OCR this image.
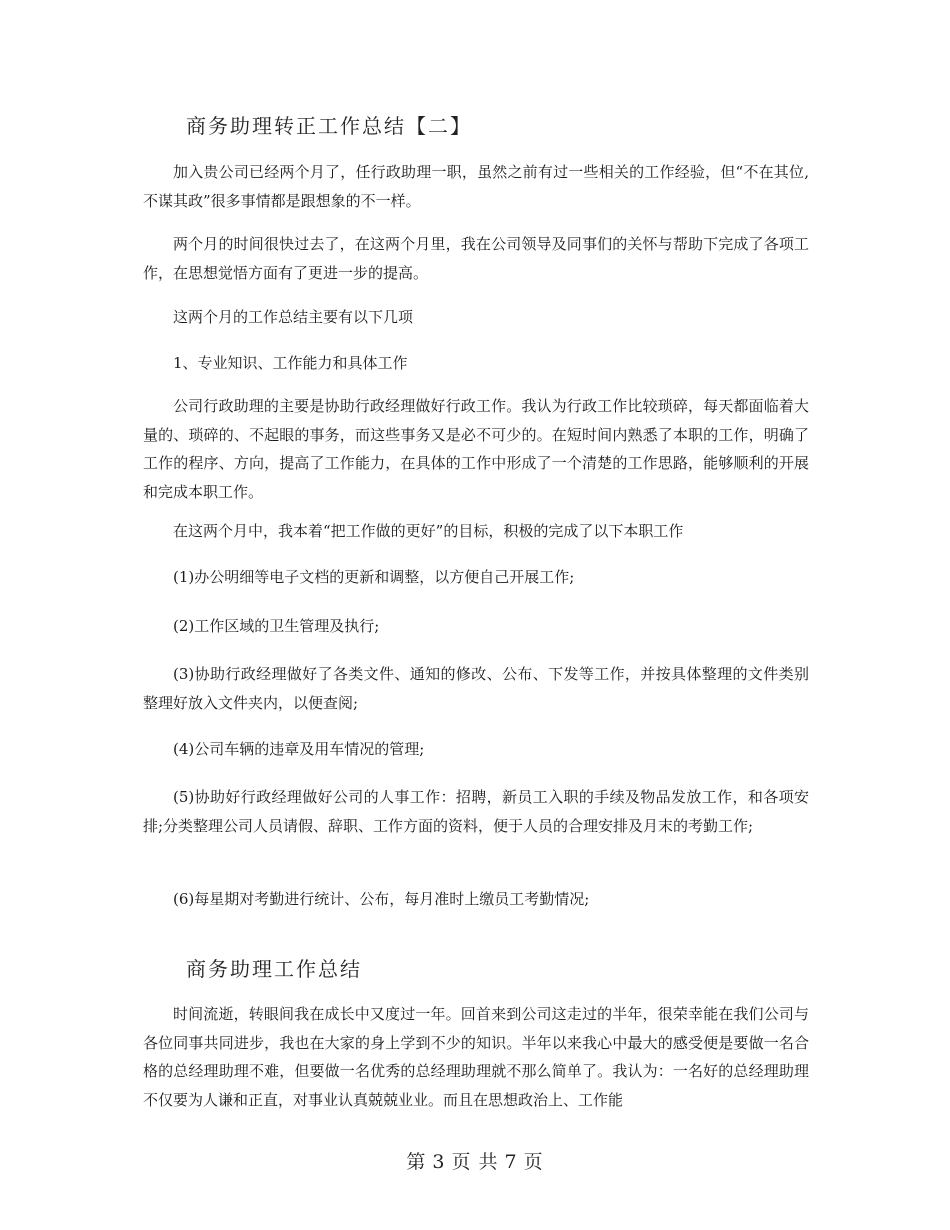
商务助理转正工作总结【二】

加入贵公司已经两个月了，任行政助理一职，虽然之前有过一些相关的工作经验，但“不在其位,不谋其政”很多事情都是跟想象的不一样。

两个月的时间很快过去了，在这两个月里，我在公司领导及同事们的关怀与帮助下完成了各项工作，在思想觉悟方面有了更进一步的提高。

这两个月的工作总结主要有以下几项

1、专业知识、工作能力和具体工作

公司行政助理的主要是协助行政经理做好行政工作。我认为行政工作比较琐碎，每天都面临着大量的、琐碎的、不起眼的事务，而这些事务又是必不可少的。在短时间内熟悉了本职的工作，明确了工作的程序、方向，提高了工作能力，在具体的工作中形成了一个清楚的工作思路，能够顺利的开展和完成本职工作。

在这两个月中，我本着“把工作做的更好”的目标，积极的完成了以下本职工作

(1)办公明细等电子文档的更新和调整，以方便自己开展工作;

(2)工作区域的卫生管理及执行;

(3)协助行政经理做好了各类文件、通知的修改、公布、下发等工作，并按具体整理的文件类别整理好放入文件夹内，以便查阅;

(4)公司车辆的违章及用车情况的管理;

(5)协助好行政经理做好公司的人事工作：招聘，新员工入职的手续及物品发放工作，和各项安排;分类整理公司人员请假、辞职、工作方面的资料，便于人员的合理安排及月末的考勤工作;

(6)每星期对考勤进行统计、公布，每月准时上缴员工考勤情况;

商务助理工作总结

时间流逝，转眼间我在成长中又度过一年。回首来到公司这走过的半年，很荣幸能在我们公司与各位同事共同进步，我也在大家的身上学到不少的知识。半年以来我心中最大的感受便是要做一名合格的总经理助理不难，但要做一名优秀的总经理助理就不那么简单了。我认为：一名好的总经理助理不仅要为人谦和正直，对事业认真兢兢业业。而且在思想政治上、工作能

第 3 页 共 7 页
